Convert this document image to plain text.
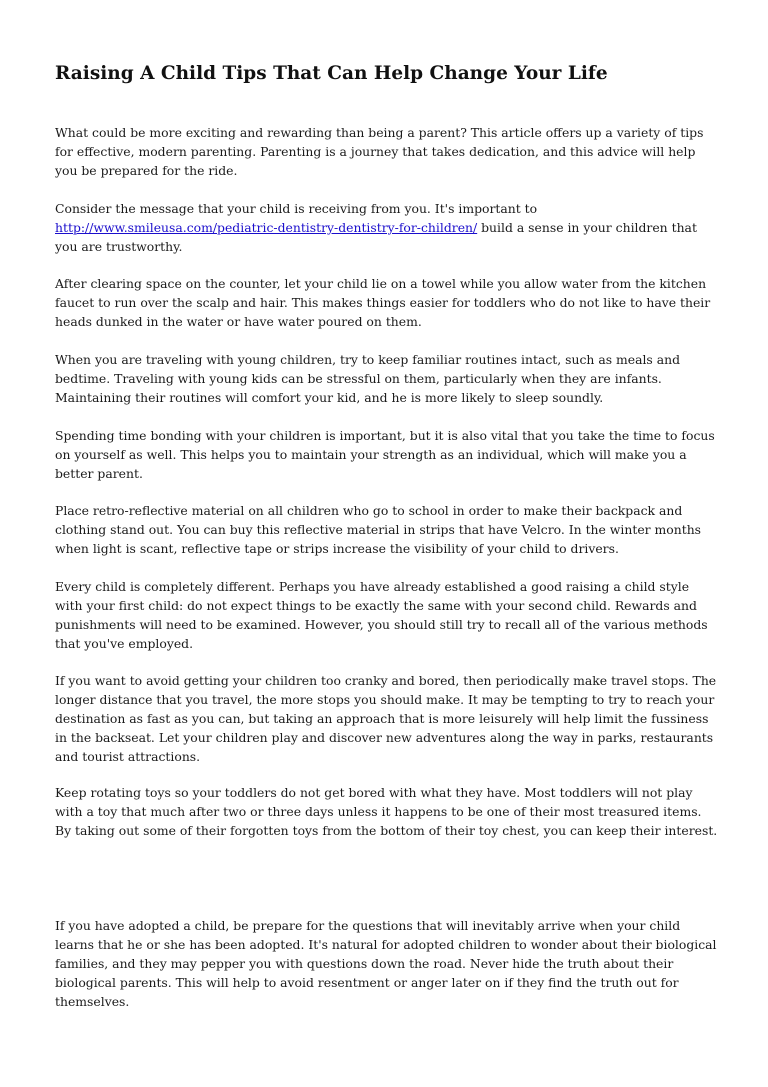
Raising A Child Tips That Can Help Change Your Life

What could be more exciting and rewarding than being a parent? This article offers up a variety of tips for effective, modern parenting. Parenting is a journey that takes dedication, and this advice will help you be prepared for the ride.

Consider the message that your child is receiving from you. It's important to http://www.smileusa.com/pediatric-dentistry-dentistry-for-children/ build a sense in your children that you are trustworthy.

After clearing space on the counter, let your child lie on a towel while you allow water from the kitchen faucet to run over the scalp and hair. This makes things easier for toddlers who do not like to have their heads dunked in the water or have water poured on them.

When you are traveling with young children, try to keep familiar routines intact, such as meals and bedtime. Traveling with young kids can be stressful on them, particularly when they are infants. Maintaining their routines will comfort your kid, and he is more likely to sleep soundly.

Spending time bonding with your children is important, but it is also vital that you take the time to focus on yourself as well. This helps you to maintain your strength as an individual, which will make you a better parent.

Place retro-reflective material on all children who go to school in order to make their backpack and clothing stand out. You can buy this reflective material in strips that have Velcro. In the winter months when light is scant, reflective tape or strips increase the visibility of your child to drivers.

Every child is completely different. Perhaps you have already established a good raising a child style with your first child: do not expect things to be exactly the same with your second child. Rewards and punishments will need to be examined. However, you should still try to recall all of the various methods that you've employed.

If you want to avoid getting your children too cranky and bored, then periodically make travel stops. The longer distance that you travel, the more stops you should make. It may be tempting to try to reach your destination as fast as you can, but taking an approach that is more leisurely will help limit the fussiness in the backseat. Let your children play and discover new adventures along the way in parks, restaurants and tourist attractions.

Keep rotating toys so your toddlers do not get bored with what they have. Most toddlers will not play with a toy that much after two or three days unless it happens to be one of their most treasured items. By taking out some of their forgotten toys from the bottom of their toy chest, you can keep their interest.

If you have adopted a child, be prepare for the questions that will inevitably arrive when your child learns that he or she has been adopted. It's natural for adopted children to wonder about their biological families, and they may pepper you with questions down the road. Never hide the truth about their biological parents. This will help to avoid resentment or anger later on if they find the truth out for themselves.
